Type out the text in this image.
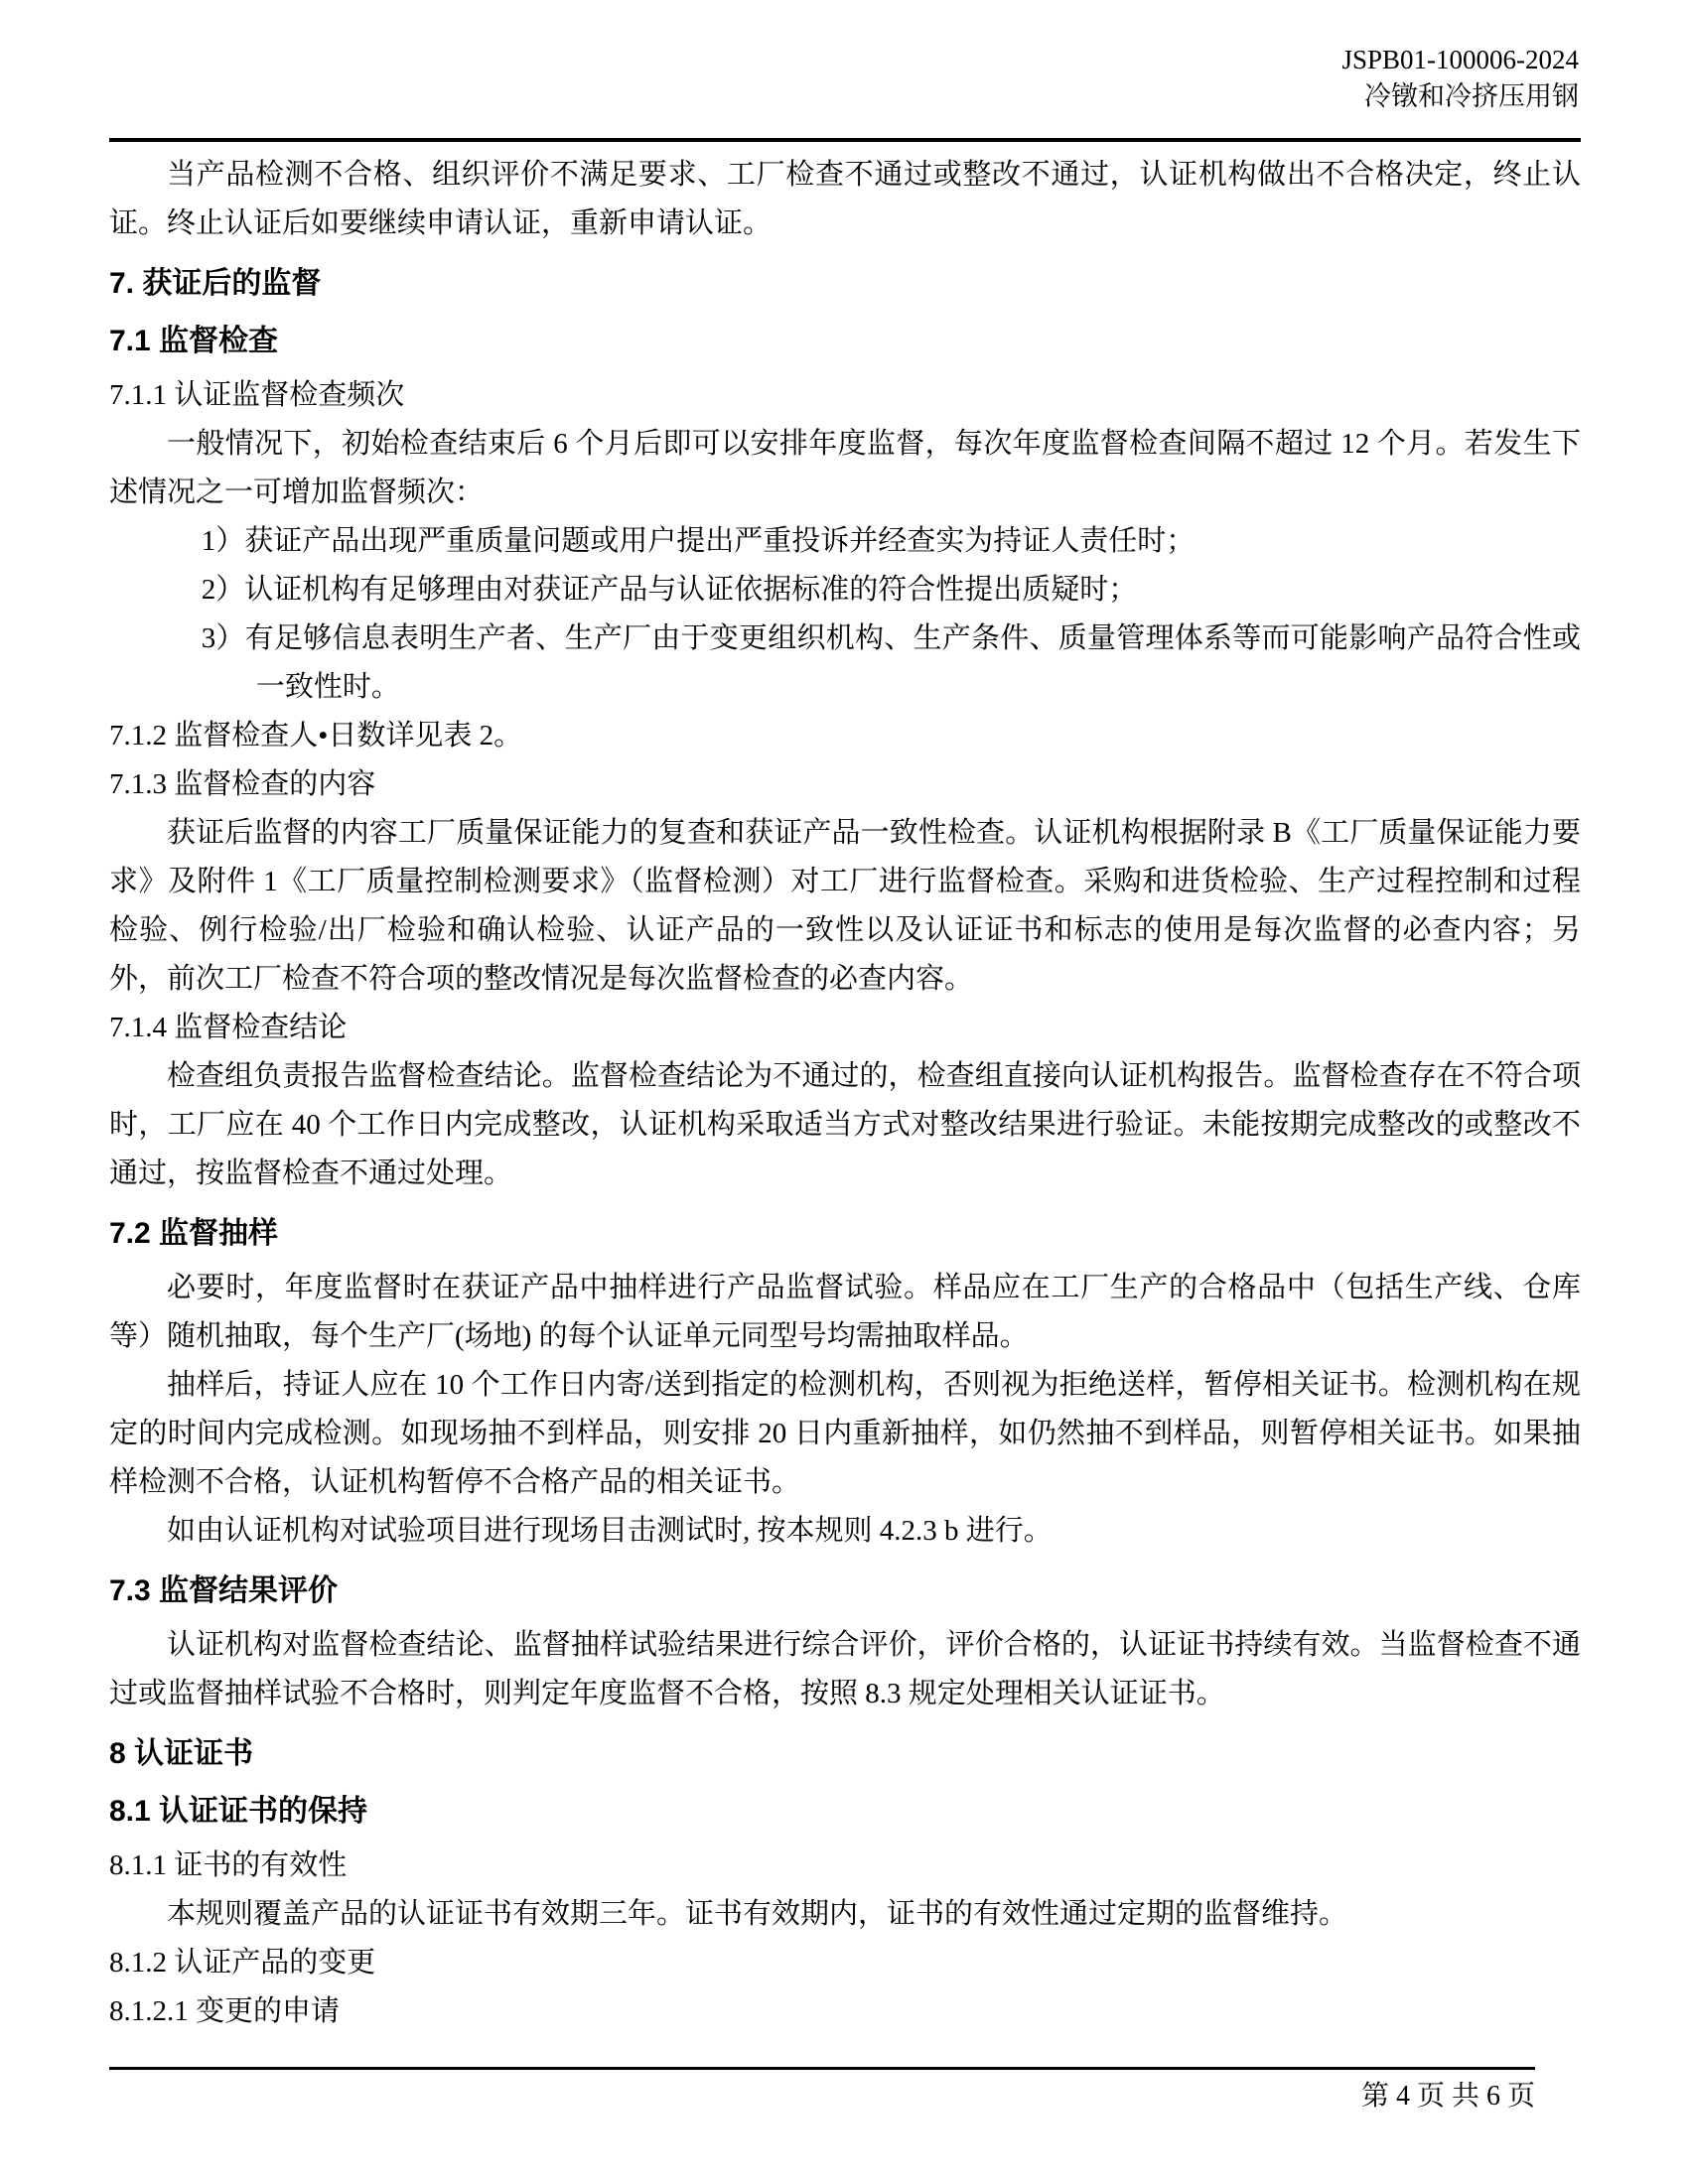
JSPB01-100006-2024
冷镦和冷挤压用钢
当产品检测不合格、组织评价不满足要求、工厂检查不通过或整改不通过，认证机构做出不合格决定，终止认证。终止认证后如要继续申请认证，重新申请认证。
7. 获证后的监督
7.1 监督检查
7.1.1 认证监督检查频次
一般情况下，初始检查结束后 6 个月后即可以安排年度监督，每次年度监督检查间隔不超过 12 个月。若发生下述情况之一可增加监督频次：
1）获证产品出现严重质量问题或用户提出严重投诉并经查实为持证人责任时；
2）认证机构有足够理由对获证产品与认证依据标准的符合性提出质疑时；
3）有足够信息表明生产者、生产厂由于变更组织机构、生产条件、质量管理体系等而可能影响产品符合性或一致性时。
7.1.2 监督检查人•日数详见表 2。
7.1.3 监督检查的内容
获证后监督的内容工厂质量保证能力的复查和获证产品一致性检查。认证机构根据附录 B《工厂质量保证能力要求》及附件 1《工厂质量控制检测要求》（监督检测）对工厂进行监督检查。采购和进货检验、生产过程控制和过程检验、例行检验/出厂检验和确认检验、认证产品的一致性以及认证证书和标志的使用是每次监督的必查内容；另外，前次工厂检查不符合项的整改情况是每次监督检查的必查内容。
7.1.4 监督检查结论
检查组负责报告监督检查结论。监督检查结论为不通过的，检查组直接向认证机构报告。监督检查存在不符合项时，工厂应在 40 个工作日内完成整改，认证机构采取适当方式对整改结果进行验证。未能按期完成整改的或整改不通过，按监督检查不通过处理。
7.2 监督抽样
必要时，年度监督时在获证产品中抽样进行产品监督试验。样品应在工厂生产的合格品中（包括生产线、仓库等）随机抽取，每个生产厂(场地) 的每个认证单元同型号均需抽取样品。
抽样后，持证人应在 10 个工作日内寄/送到指定的检测机构，否则视为拒绝送样，暂停相关证书。检测机构在规定的时间内完成检测。如现场抽不到样品，则安排 20 日内重新抽样，如仍然抽不到样品，则暂停相关证书。如果抽样检测不合格，认证机构暂停不合格产品的相关证书。
如由认证机构对试验项目进行现场目击测试时, 按本规则 4.2.3 b 进行。
7.3 监督结果评价
认证机构对监督检查结论、监督抽样试验结果进行综合评价，评价合格的，认证证书持续有效。当监督检查不通过或监督抽样试验不合格时，则判定年度监督不合格，按照 8.3 规定处理相关认证证书。
8 认证证书
8.1 认证证书的保持
8.1.1 证书的有效性
本规则覆盖产品的认证证书有效期三年。证书有效期内，证书的有效性通过定期的监督维持。
8.1.2 认证产品的变更
8.1.2.1 变更的申请
第 4 页 共 6 页
